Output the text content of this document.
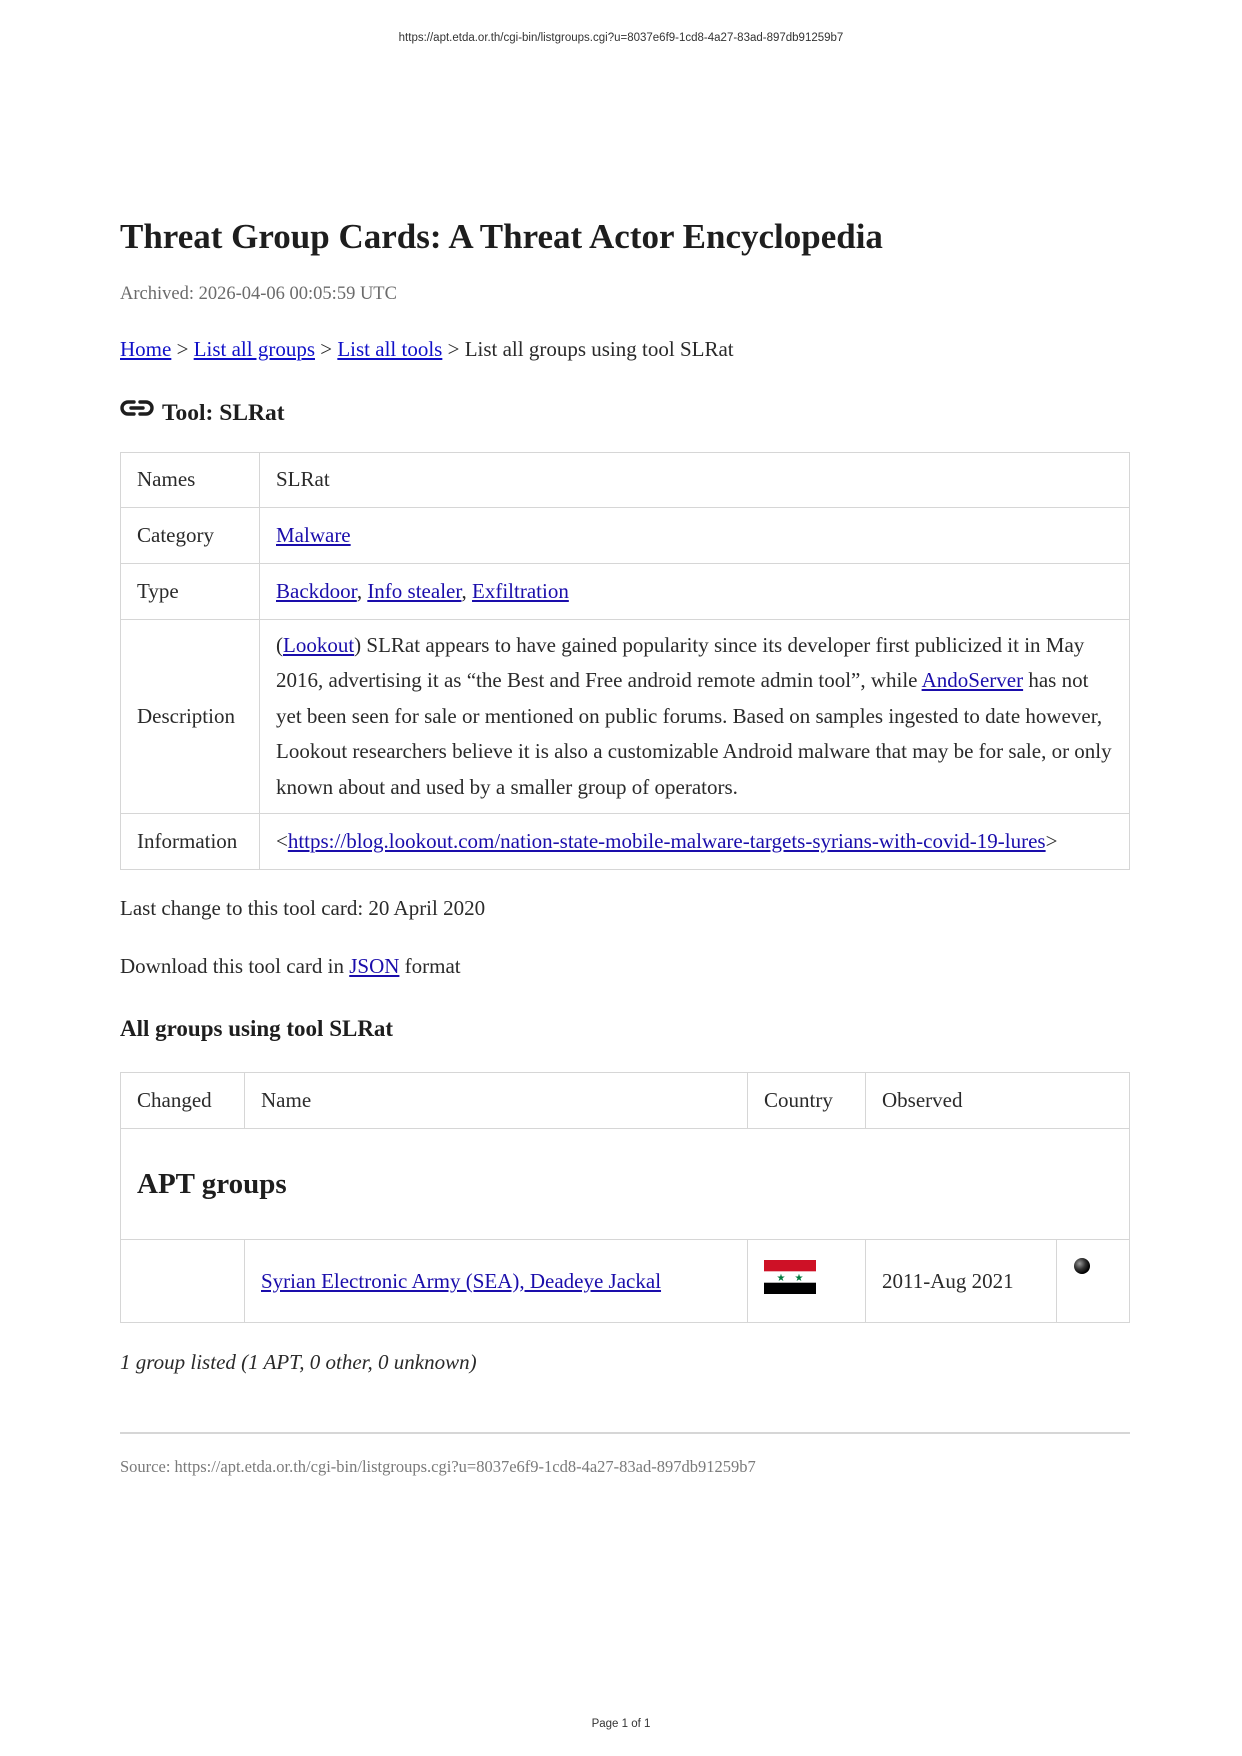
https://apt.etda.or.th/cgi-bin/listgroups.cgi?u=8037e6f9-1cd8-4a27-83ad-897db91259b7
Threat Group Cards: A Threat Actor Encyclopedia
Archived: 2026-04-06 00:05:59 UTC
Home > List all groups > List all tools > List all groups using tool SLRat
Tool: SLRat
Names	SLRat
Category	Malware
Type	Backdoor, Info stealer, Exfiltration
Description	(Lookout) SLRat appears to have gained popularity since its developer first publicized it in May 2016, advertising it as “the Best and Free android remote admin tool”, while AndoServer has not yet been seen for sale or mentioned on public forums. Based on samples ingested to date however, Lookout researchers believe it is also a customizable Android malware that may be for sale, or only known about and used by a smaller group of operators.
Information	<https://blog.lookout.com/nation-state-mobile-malware-targets-syrians-with-covid-19-lures>
Last change to this tool card: 20 April 2020
Download this tool card in JSON format
All groups using tool SLRat
Changed	Name	Country	Observed	
APT groups				
	Syrian Electronic Army (SEA), Deadeye Jackal	★ ★	2011-Aug 2021	
1 group listed (1 APT, 0 other, 0 unknown)
Source: https://apt.etda.or.th/cgi-bin/listgroups.cgi?u=8037e6f9-1cd8-4a27-83ad-897db91259b7
Page 1 of 1
